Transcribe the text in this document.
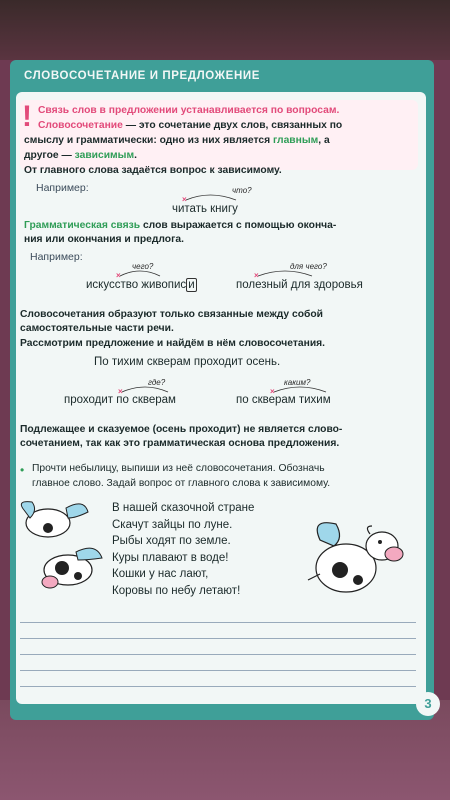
СЛОВОСОЧЕТАНИЕ И ПРЕДЛОЖЕНИЕ
! Связь слов в предложении устанавливается по вопросам.
Словосочетание — это сочетание двух слов, связанных по
смыслу и грамматически: одно из них является главным, а
другое — зависимым.
От главного слова задаётся вопрос к зависимому.
Например:	что?
×
читать книгу
Грамматическая связь слов выражается с помощью оконча-
ния или окончания и предлога.
Например:
чего?
×
искусство живопис и
для чего?
×
полезный для здоровья
Словосочетания образуют только связанные между собой
самостоятельные части речи.
Рассмотрим предложение и найдём в нём словосочетания.
По тихим скверам проходит осень.
где?
×
проходит по скверам
каким?
×
по скверам тихим
Подлежащее и сказуемое (осень проходит) не является слово-
сочетанием, так как это грамматическая основа предложения.
• Прочти небылицу, выпиши из неё словосочетания. Обозначь
главное слово. Задай вопрос от главного слова к зависимому.
В нашей сказочной стране
Скачут зайцы по луне.
Рыбы ходят по земле.
Куры плавают в воде!
Кошки у нас лают,
Коровы по небу летают!
3
